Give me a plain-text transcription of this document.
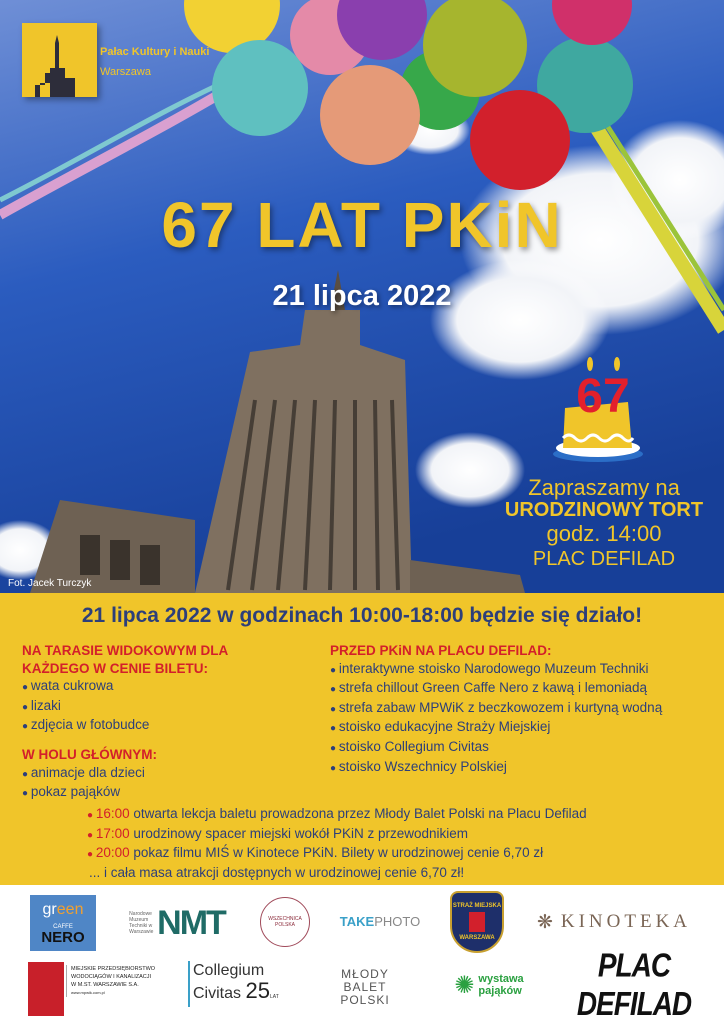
67
Pałac Kultury i Nauki
Warszawa
67 LAT PKiN
21 lipca 2022
Zapraszamy na
URODZINOWY TORT
godz. 14:00
PLAC DEFILAD
Fot. Jacek Turczyk
21 lipca 2022 w godzinach 10:00-18:00 będzie się działo!
NA TARASIE WIDOKOWYM DLA
KAŻDEGO W CENIE BILETU:
● wata cukrowa
● lizaki
● zdjęcia w fotobudce
W HOLU GŁÓWNYM:
● animacje dla dzieci
● pokaz pająków
PRZED PKiN NA PLACU DEFILAD:
● interaktywne stoisko Narodowego Muzeum Techniki
● strefa chillout Green Caffe Nero z kawą i lemoniadą
● strefa zabaw MPWiK z beczkowozem i kurtyną wodną
● stoisko edukacyjne Straży Miejskiej
● stoisko Collegium Civitas
● stoisko Wszechnicy Polskiej
● 16:00 otwarta lekcja baletu prowadzona przez Młody Balet Polski na Placu Defilad
● 17:00 urodzinowy spacer miejski wokół PKiN z przewodnikiem
● 20:00 pokaz filmu MIŚ w Kinotece PKiN. Bilety w urodzinowej cenie 6,70 zł
... i cała masa atrakcji dostępnych w urodzinowej cenie 6,70 zł!
green
CAFFE
NERO
Narodowe Muzeum Techniki w Warszawie NMT	WSZECHNICA POLSKA	TAKE PHOTO
STRAŻ MIEJSKA
WARSZAWA
❋ KINOTEKA
MIEJSKIE PRZEDSIĘBIORSTWO
WODOCIĄGÓW I KANALIZACJI
W M.ST. WARSZAWIE S.A.
www.mpwik.com.pl
Collegium
Civitas 25LAT
MŁODY
BALET
POLSKI
✺ wystawa
pająków
PLAC DEFILAD
